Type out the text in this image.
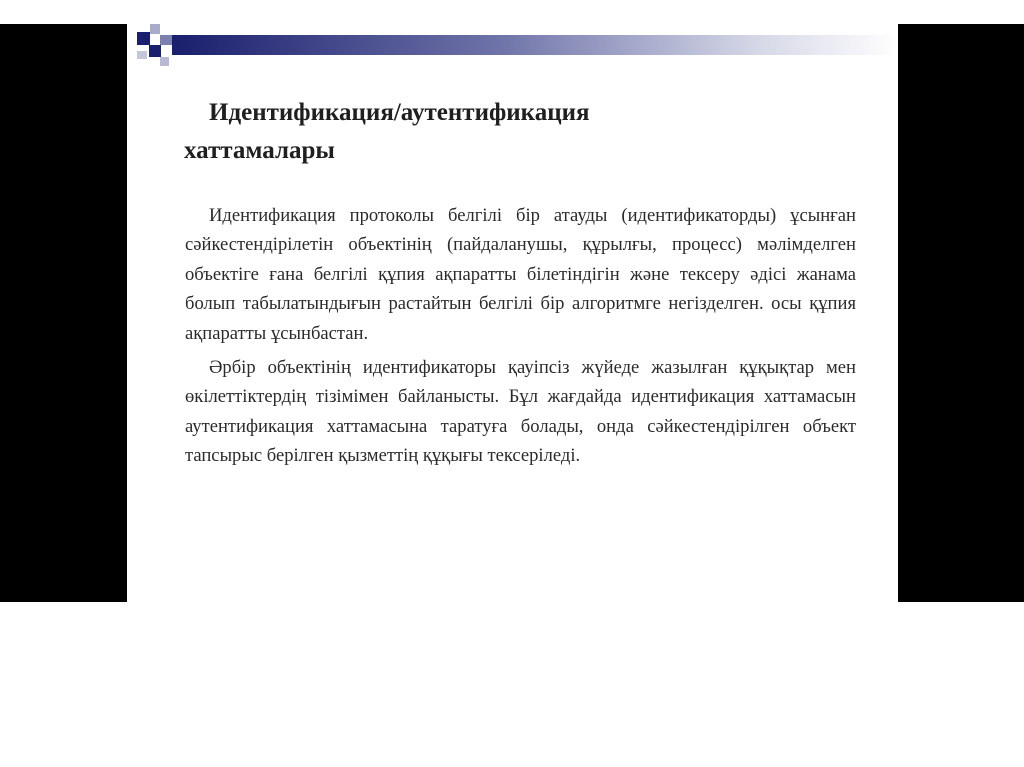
Идентификация/аутентификация
хаттамалары

Идентификация протоколы белгілі бір атауды (идентификаторды) ұсынған сәйкестендірілетін объектінің (пайдаланушы, құрылғы, процесс) мәлімделген объектіге ғана белгілі құпия ақпаратты білетіндігін және тексеру әдісі жанама болып табылатындығын растайтын белгілі бір алгоритмге негізделген. осы құпия ақпаратты ұсынбастан.

Әрбір объектінің идентификаторы қауіпсіз жүйеде жазылған құқықтар мен өкілеттіктердің тізімімен байланысты. Бұл жағдайда идентификация хаттамасын аутентификация хаттамасына таратуға болады, онда сәйкестендірілген объект тапсырыс берілген қызметтің құқығы тексеріледі.
